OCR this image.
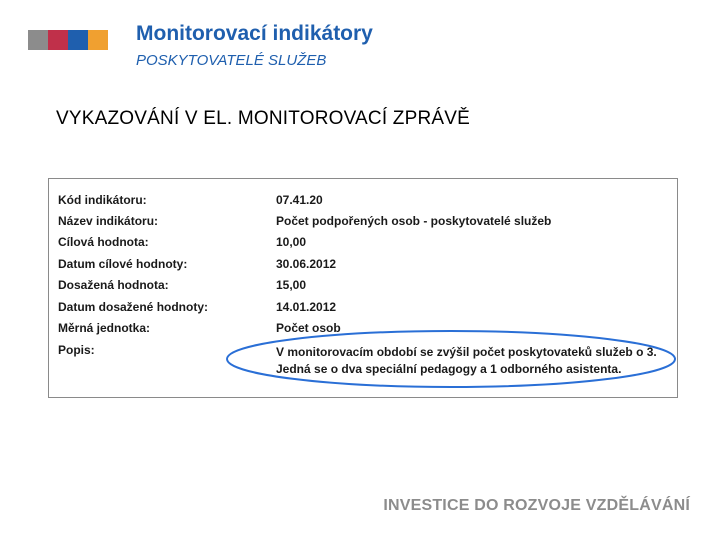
Monitorovací indikátory
POSKYTOVATELÉ SLUŽEB
VYKAZOVÁNÍ V EL. MONITOROVACÍ ZPRÁVĚ
Kód indikátoru:	07.41.20
Název indikátoru:	Počet podpořených osob - poskytovatelé služeb
Cílová hodnota:	10,00
Datum cílové hodnoty:	30.06.2012
Dosažená hodnota:	15,00
Datum dosažené hodnoty:	14.01.2012
Měrná jednotka:	Počet osob
Popis:	V monitorovacím období se zvýšil počet poskytovateků služeb o 3.
Jedná se o dva speciální pedagogy a 1 odborného asistenta.
INVESTICE DO ROZVOJE VZDĚLÁVÁNÍ
